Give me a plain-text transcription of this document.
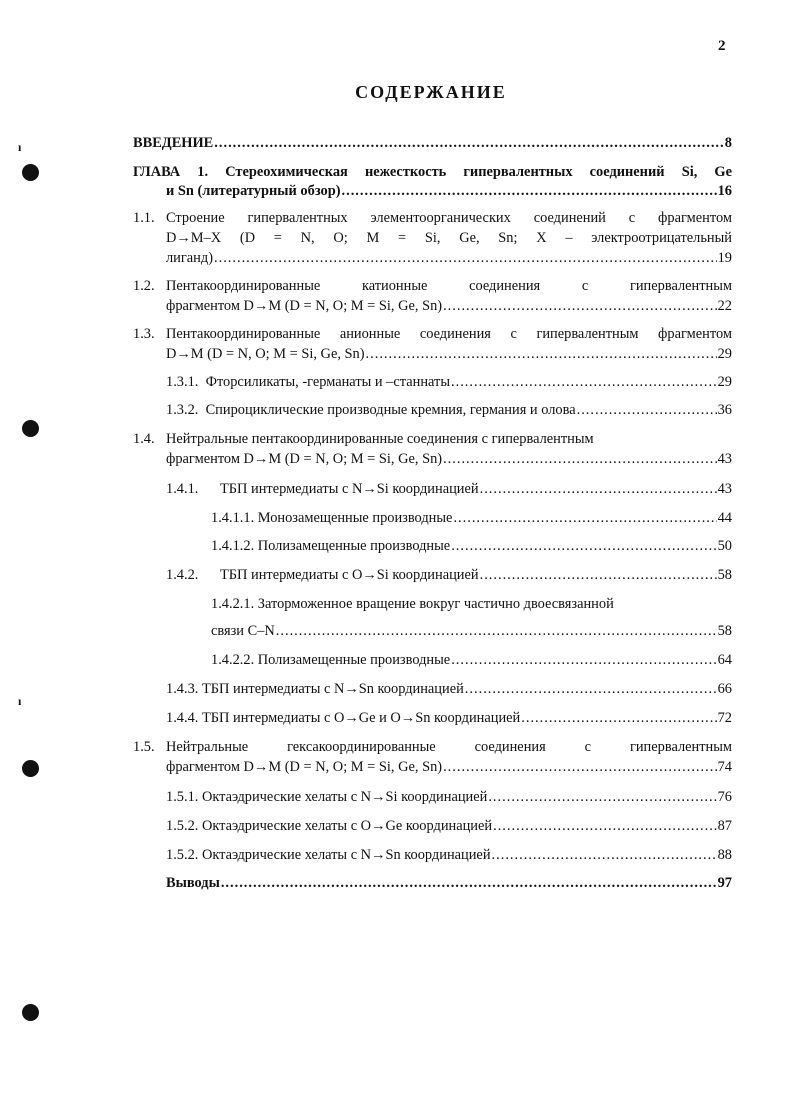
ı
ı
2
СОДЕРЖАНИЕ
ВВЕДЕНИЕ .....	8
ГЛАВА 1. Стереохимическая нежесткость гипервалентных соединений Si, Ge
и Sn (литературный обзор) .....	16
1.1. Строение гипервалентных элементоорганических соединений с фрагментом
D→M–X (D = N, O; M = Si, Ge, Sn; X – электроотрицательный
лиганд) .....	19
1.2. Пентакоординированные катионные соединения с гипервалентным
фрагментом D→M (D = N, O; M = Si, Ge, Sn) .....	22
1.3. Пентакоординированные анионные соединения с гипервалентным фрагментом
D→M (D = N, O; M = Si, Ge, Sn) .....	29
1.3.1.  Фторсиликаты, -германаты и –станнаты .....	29
1.3.2.  Спироциклические производные кремния, германия и олова .....	36
1.4. Нейтральные пентакоординированные соединения с гипервалентным
фрагментом D→M (D = N, O; M = Si, Ge, Sn) .....	43
1.4.1.      ТБП интермедиаты с N→Si координацией .....	43
1.4.1.1. Монозамещенные производные .....	44
1.4.1.2. Полизамещенные производные .....	50
1.4.2.      ТБП интермедиаты с O→Si координацией .....	58
1.4.2.1. Заторможенное вращение вокруг частично двоесвязанной
связи C–N .....	58
1.4.2.2. Полизамещенные производные .....	64
1.4.3. ТБП интермедиаты с N→Sn координацией .....	66
1.4.4. ТБП интермедиаты с O→Ge и O→Sn координацией .....	72
1.5. Нейтральные гексакоординированные соединения с гипервалентным
фрагментом D→M (D = N, O; M = Si, Ge, Sn) .....	74
1.5.1. Октаэдрические хелаты с N→Si координацией .....	76
1.5.2. Октаэдрические хелаты с O→Ge координацией .....	87
1.5.2. Октаэдрические хелаты с N→Sn координацией .....	88
Выводы .....	97
